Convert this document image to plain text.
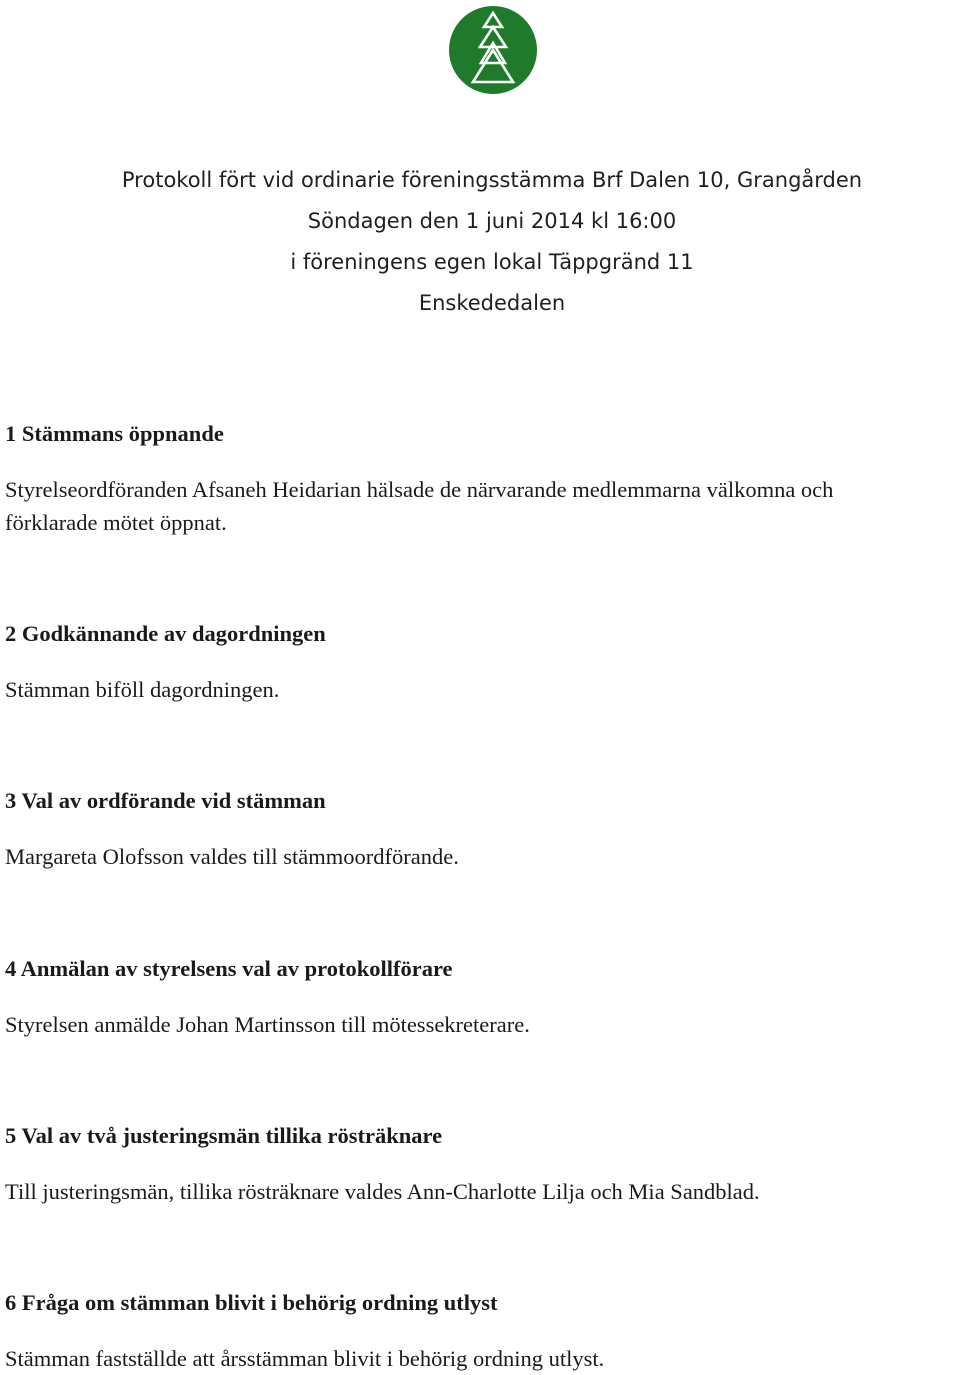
Protokoll fört vid ordinarie föreningsstämma Brf Dalen 10, Grangården
Söndagen den 1 juni 2014 kl 16:00
i föreningens egen lokal Täppgränd 11
Enskededalen
1 Stämmans öppnande
Styrelseordföranden Afsaneh Heidarian hälsade de närvarande medlemmarna välkomna och
förklarade mötet öppnat.
2 Godkännande av dagordningen
Stämman biföll dagordningen.
3 Val av ordförande vid stämman
Margareta Olofsson valdes till stämmoordförande.
4 Anmälan av styrelsens val av protokollförare
Styrelsen anmälde Johan Martinsson till mötessekreterare.
5 Val av två justeringsmän tillika rösträknare
Till justeringsmän, tillika rösträknare valdes Ann-Charlotte Lilja och Mia Sandblad.
6 Fråga om stämman blivit i behörig ordning utlyst
Stämman fastställde att årsstämman blivit i behörig ordning utlyst.
